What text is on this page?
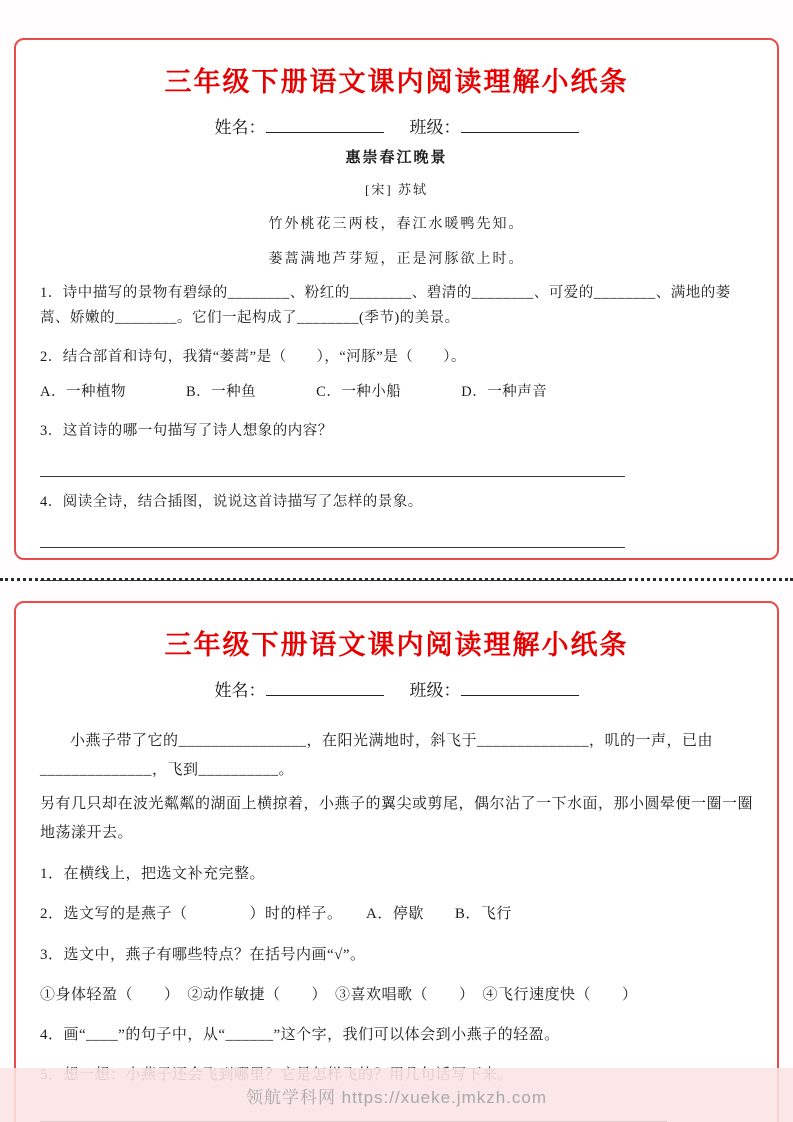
三年级下册语文课内阅读理解小纸条
姓名：	班级：
惠崇春江晚景
[宋] 苏轼
竹外桃花三两枝，春江水暖鸭先知。
蒌蒿满地芦芽短，正是河豚欲上时。

1．诗中描写的景物有碧绿的________、粉红的________、碧清的________、可爱的________、满地的蒌蒿、娇嫩的________。它们一起构成了________(季节)的美景。

2．结合部首和诗句，我猜“蒌蒿”是（　　），“河豚”是（　　）。

A．一种植物　　　　B．一种鱼　　　　C．一种小船　　　　D．一种声音

3．这首诗的哪一句描写了诗人想象的内容？

4．阅读全诗，结合插图，说说这首诗描写了怎样的景象。

三年级下册语文课内阅读理解小纸条
姓名：	班级：

小燕子带了它的________________，在阳光满地时，斜飞于______________，叽的一声，已由______________，飞到__________。

另有几只却在波光粼粼的湖面上横掠着，小燕子的翼尖或剪尾，偶尔沾了一下水面，那小圆晕便一圈一圈地荡漾开去。

1．在横线上，把选文补充完整。

2．选文写的是燕子（　　　　）时的样子。　　A．停歇　　B．飞行

3．选文中，燕子有哪些特点？在括号内画“√”。

①身体轻盈（　　）　②动作敏捷（　　）　③喜欢唱歌（　　）　④飞行速度快（　　）

4．画“____”的句子中，从“______”这个字，我们可以体会到小燕子的轻盈。

领航学科网 https://xueke.jmkzh.com
